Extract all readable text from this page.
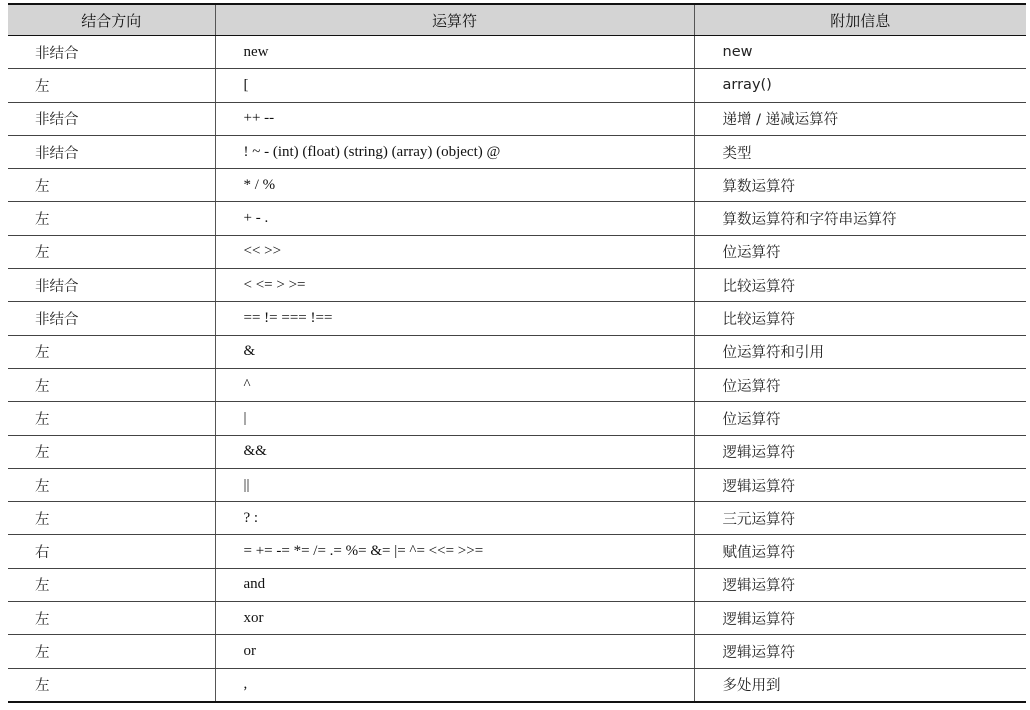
结合方向	运算符	附加信息
非结合	new	new
左	[	array()
非结合	++ --	递增 / 递减运算符
非结合	! ~ - (int) (float) (string) (array) (object) @	类型
左	* / %	算数运算符
左	+ - .	算数运算符和字符串运算符
左	<< >>	位运算符
非结合	< <= > >=	比较运算符
非结合	== != === !==	比较运算符
左	&	位运算符和引用
左	^	位运算符
左	|	位运算符
左	&&	逻辑运算符
左	||	逻辑运算符
左	? :	三元运算符
右	= += -= *= /= .= %= &= |= ^= <<= >>=	赋值运算符
左	and	逻辑运算符
左	xor	逻辑运算符
左	or	逻辑运算符
左	,	多处用到
